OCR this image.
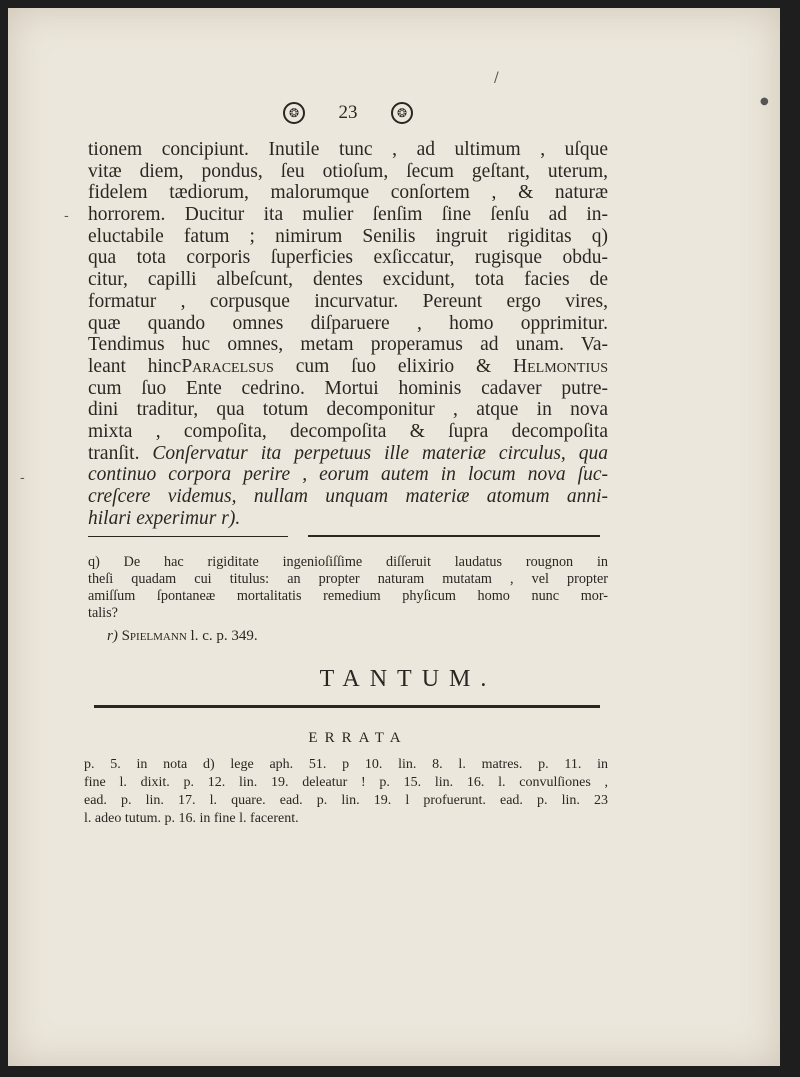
/
❂	23	❂
tionem concipiunt. Inutile tunc , ad ultimum , uſque
vitæ diem, pondus, ſeu otioſum, ſecum geſtant, uterum,
fidelem tædiorum, malorumque conſortem , & naturæ
horrorem. Ducitur ita mulier ſenſim ſine ſenſu ad in-
eluctabile fatum ; nimirum Senilis ingruit rigiditas q)
qua tota corporis ſuperficies exſiccatur, rugisque obdu-
citur, capilli albeſcunt, dentes excidunt, tota facies de
formatur , corpusque incurvatur. Pereunt ergo vires,
quæ quando omnes diſparuere , homo opprimitur.
Tendimus huc omnes, metam properamus ad unam. Va-
leant hincParacelsus cum ſuo elixirio & Helmontius
cum ſuo Ente cedrino. Mortui hominis cadaver putre-
dini traditur, qua totum decomponitur , atque in nova
mixta , compoſita, decompoſita & ſupra decompoſita
tranſit. Conſervatur ita perpetuus ille materiæ circulus, qua
continuo corpora perire , eorum autem in locum nova ſuc-
creſcere videmus, nullam unquam materiæ atomum anni-
hilari experimur r).
q) De hac rigiditate ingenioſiſſime diſſeruit laudatus rougnon in
theſi quadam cui titulus: an propter naturam mutatam , vel propter
amiſſum ſpontaneæ mortalitatis remedium phyſicum homo nunc mor-
talis?
r) Spielmann l. c. p. 349.
TANTUM.
ERRATA
p. 5. in nota d) lege aph. 51. p 10. lin. 8. l. matres. p. 11. in
fine l. dixit. p. 12. lin. 19. deleatur ! p. 15. lin. 16. l. convulſiones ,
ead. p. lin. 17. l. quare. ead. p. lin. 19. l profuerunt. ead. p. lin. 23
l. adeo tutum. p. 16. in fine l. facerent.
●
-
-
